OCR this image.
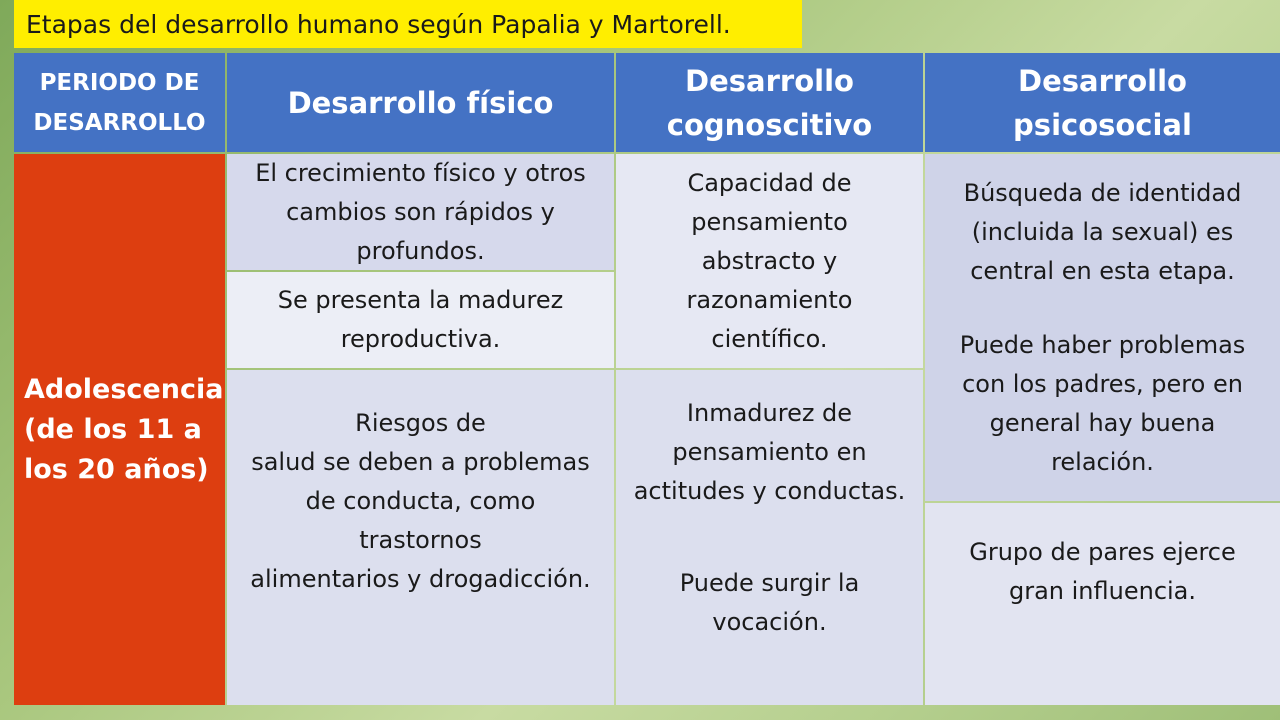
Etapas del desarrollo humano según Papalia y Martorell.
PERIODO DE
DESARROLLO
Desarrollo físico
Desarrollo
cognoscitivo
Desarrollo
psicosocial
Adolescencia
(de los 11 a
los 20 años)
El crecimiento físico y otros
cambios son rápidos y
profundos.
Se presenta la madurez
reproductiva.
Riesgos de
salud se deben a problemas
de conducta, como
trastornos
alimentarios y drogadicción.
Capacidad de
pensamiento
abstracto y
razonamiento
científico.
Inmadurez de
pensamiento en
actitudes y conductas.
Puede surgir la
vocación.
Búsqueda de identidad
(incluida la sexual) es
central en esta etapa.
Puede haber problemas
con los padres, pero en
general hay buena
relación.
Grupo de pares ejerce
gran influencia.
